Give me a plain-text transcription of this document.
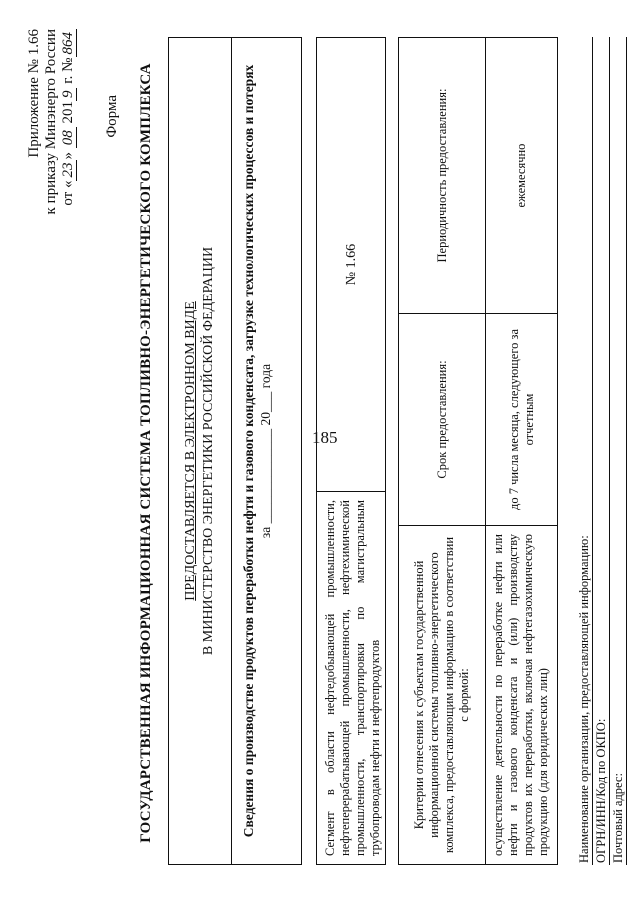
185
Приложение № 1.66 к приказу Минэнерго России от «23» 08 2019 г. №864
Форма ГОСУДАРСТВЕННАЯ ИНФОРМАЦИОННАЯ СИСТЕМА ТОПЛИВНО-ЭНЕРГЕТИЧЕСКОГО КОМПЛЕКСА ПРЕДОСТАВЛЯЕТСЯ В ЭЛЕКТРОННОМ ВИДЕ В МИНИСТЕРСТВО ЭНЕРГЕТИКИ РОССИЙСКОЙ ФЕДЕРАЦИИ Сведения о производстве продуктов переработки нефти и газового конденсата, загрузке технологических процессов и потерях за ______________ 20___ года
Сегмент в области нефтедобывающей промышленности, нефтеперерабатывающей промышленности, нефтехимической промышленности, транспортировки по магистральным трубопроводам нефти и нефтепродуктов
№ 1.66
Критерии отнесения к субъектам государственной информационной системы топливно-энергетического комплекса, предоставляющим информацию в соответствии с формой:
Срок предоставления:
Периодичность предоставления:
осуществление деятельности по переработке нефти или нефти и газового конденсата и (или) производству продуктов их переработки, включая нефтегазохимическую продукцию (для юридических лиц)
до 7 числа месяца, следующего за отчетным
ежемесячно
Наименование организации, предоставляющей информацию: ОГРН/ИНН/Код по ОКПО: Почтовый адрес:
